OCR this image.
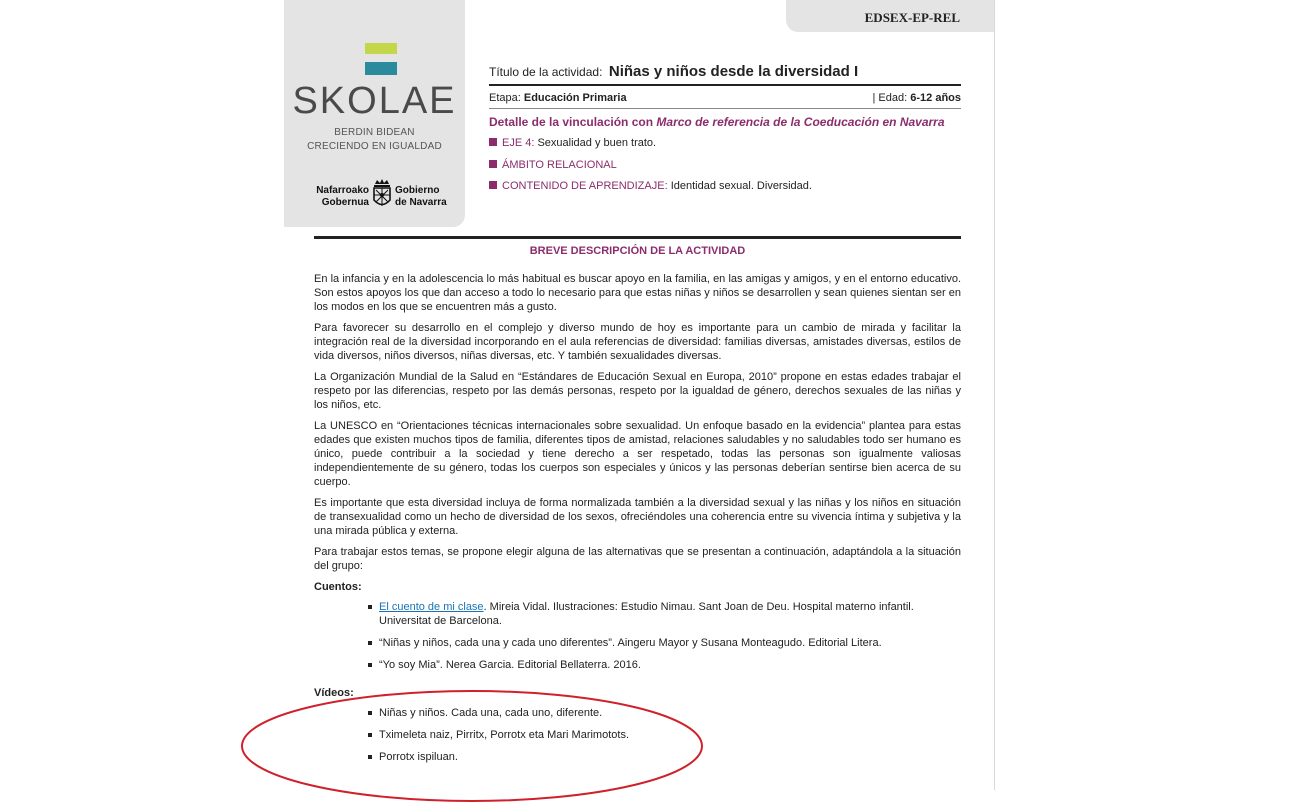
SKOLAE
BERDIN BIDEAN
CRECIENDO EN IGUALDAD
Nafarroako
Gobernua
Gobierno
de Navarra
EDSEX-EP-REL
Título de la actividad: Niñas y niños desde la diversidad I
Etapa: Educación Primaria	| Edad: 6-12 años
Detalle de la vinculación con Marco de referencia de la Coeducación en Navarra
EJE 4: Sexualidad y buen trato.
ÁMBITO RELACIONAL
CONTENIDO DE APRENDIZAJE: Identidad sexual. Diversidad.
BREVE DESCRIPCIÓN DE LA ACTIVIDAD

En la infancia y en la adolescencia lo más habitual es buscar apoyo en la familia, en las amigas y amigos, y en el entorno educativo. Son estos apoyos los que dan acceso a todo lo necesario para que estas niñas y niños se desarrollen y sean quienes sientan ser en los modos en los que se encuentren más a gusto.

Para favorecer su desarrollo en el complejo y diverso mundo de hoy es importante para un cambio de mirada y facilitar la integración real de la diversidad incorporando en el aula referencias de diversidad: familias diversas, amistades diversas, estilos de vida diversos, niños diversos, niñas diversas, etc. Y también sexualidades diversas.

La Organización Mundial de la Salud en “Estándares de Educación Sexual en Europa, 2010” propone en estas edades trabajar el respeto por las diferencias, respeto por las demás personas, respeto por la igualdad de género, derechos sexuales de las niñas y los niños, etc.

La UNESCO en “Orientaciones técnicas internacionales sobre sexualidad. Un enfoque basado en la evidencia” plantea para estas edades que existen muchos tipos de familia, diferentes tipos de amistad, relaciones saludables y no saludables todo ser humano es único, puede contribuir a la sociedad y tiene derecho a ser respetado, todas las personas son igualmente valiosas independientemente de su género, todas los cuerpos son especiales y únicos y las personas deberían sentirse bien acerca de su cuerpo.

Es importante que esta diversidad incluya de forma normalizada también a la diversidad sexual y las niñas y los niños en situación de transexualidad como un hecho de diversidad de los sexos, ofreciéndoles una coherencia entre su vivencia íntima y subjetiva y la una mirada pública y externa.

Para trabajar estos temas, se propone elegir alguna de las alternativas que se presentan a continuación, adaptándola a la situación del grupo:

Cuentos:
El cuento de mi clase. Mireia Vidal. Ilustraciones: Estudio Nimau. Sant Joan de Deu. Hospital materno infantil. Universitat de Barcelona.
“Niñas y niños, cada una y cada uno diferentes”. Aingeru Mayor y Susana Monteagudo. Editorial Litera.
“Yo soy Mia”. Nerea Garcia. Editorial Bellaterra. 2016.
Vídeos:
Niñas y niños. Cada una, cada uno, diferente.
Tximeleta naiz, Pirritx, Porrotx eta Mari Marimotots.
Porrotx ispiluan.
